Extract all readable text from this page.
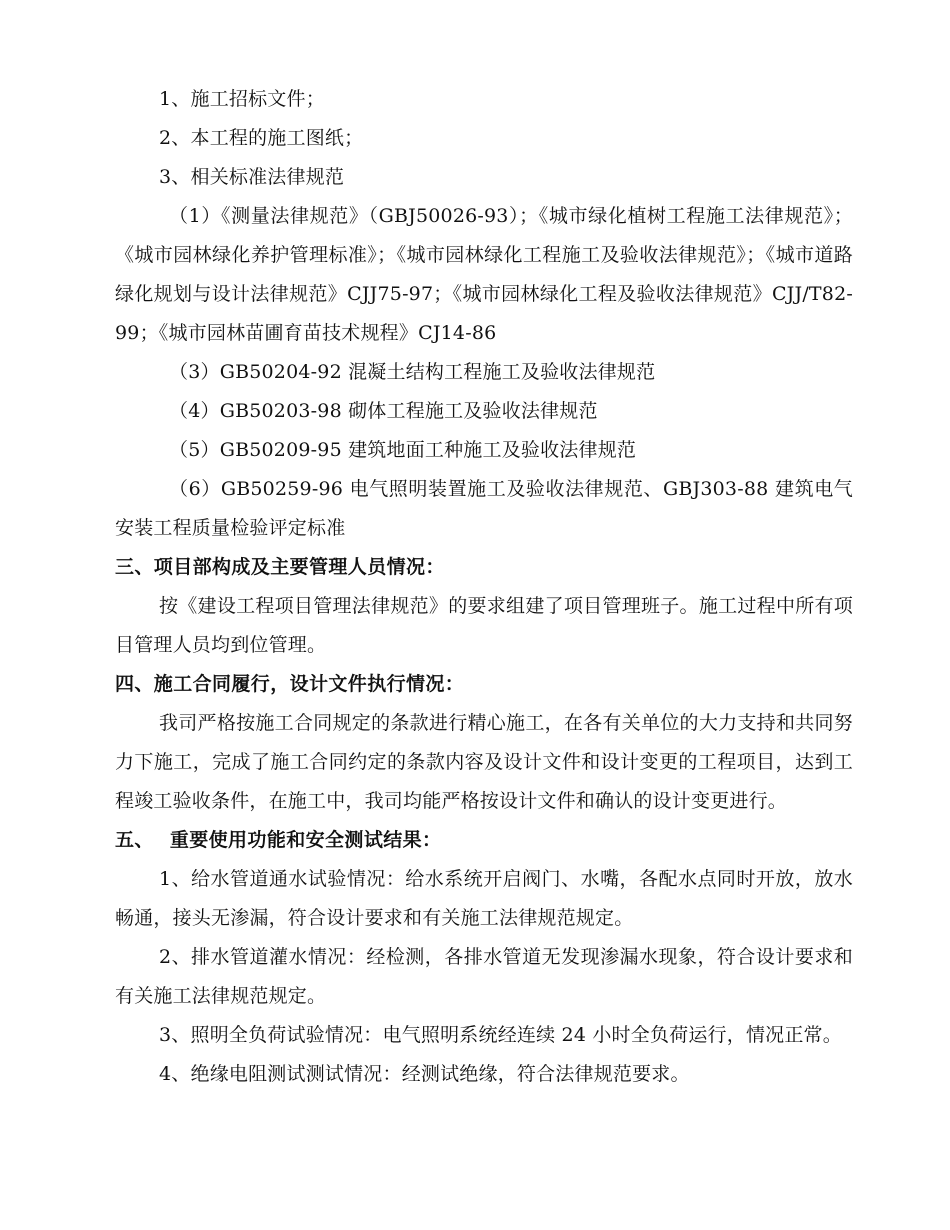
1、施工招标文件；

2、本工程的施工图纸；

3、相关标准法律规范

（1）《测量法律规范》（GBJ50026-93）；《城市绿化植树工程施工法律规范》；《城市园林绿化养护管理标准》；《城市园林绿化工程施工及验收法律规范》；《城市道路绿化规划与设计法律规范》CJJ75-97；《城市园林绿化工程及验收法律规范》CJJ/T82-99；《城市园林苗圃育苗技术规程》CJ14-86

（3）GB50204-92 混凝土结构工程施工及验收法律规范

（4）GB50203-98 砌体工程施工及验收法律规范

（5）GB50209-95 建筑地面工种施工及验收法律规范

（6）GB50259-96 电气照明装置施工及验收法律规范、GBJ303-88 建筑电气安装工程质量检验评定标准

三、项目部构成及主要管理人员情况：

按《建设工程项目管理法律规范》的要求组建了项目管理班子。施工过程中所有项目管理人员均到位管理。

四、施工合同履行，设计文件执行情况：

我司严格按施工合同规定的条款进行精心施工，在各有关单位的大力支持和共同努力下施工，完成了施工合同约定的条款内容及设计文件和设计变更的工程项目，达到工程竣工验收条件，在施工中，我司均能严格按设计文件和确认的设计变更进行。

五、 重要使用功能和安全测试结果：

1、给水管道通水试验情况：给水系统开启阀门、水嘴，各配水点同时开放，放水畅通，接头无渗漏，符合设计要求和有关施工法律规范规定。

2、排水管道灌水情况：经检测，各排水管道无发现渗漏水现象，符合设计要求和有关施工法律规范规定。

3、照明全负荷试验情况：电气照明系统经连续 24 小时全负荷运行，情况正常。

4、绝缘电阻测试测试情况：经测试绝缘，符合法律规范要求。
